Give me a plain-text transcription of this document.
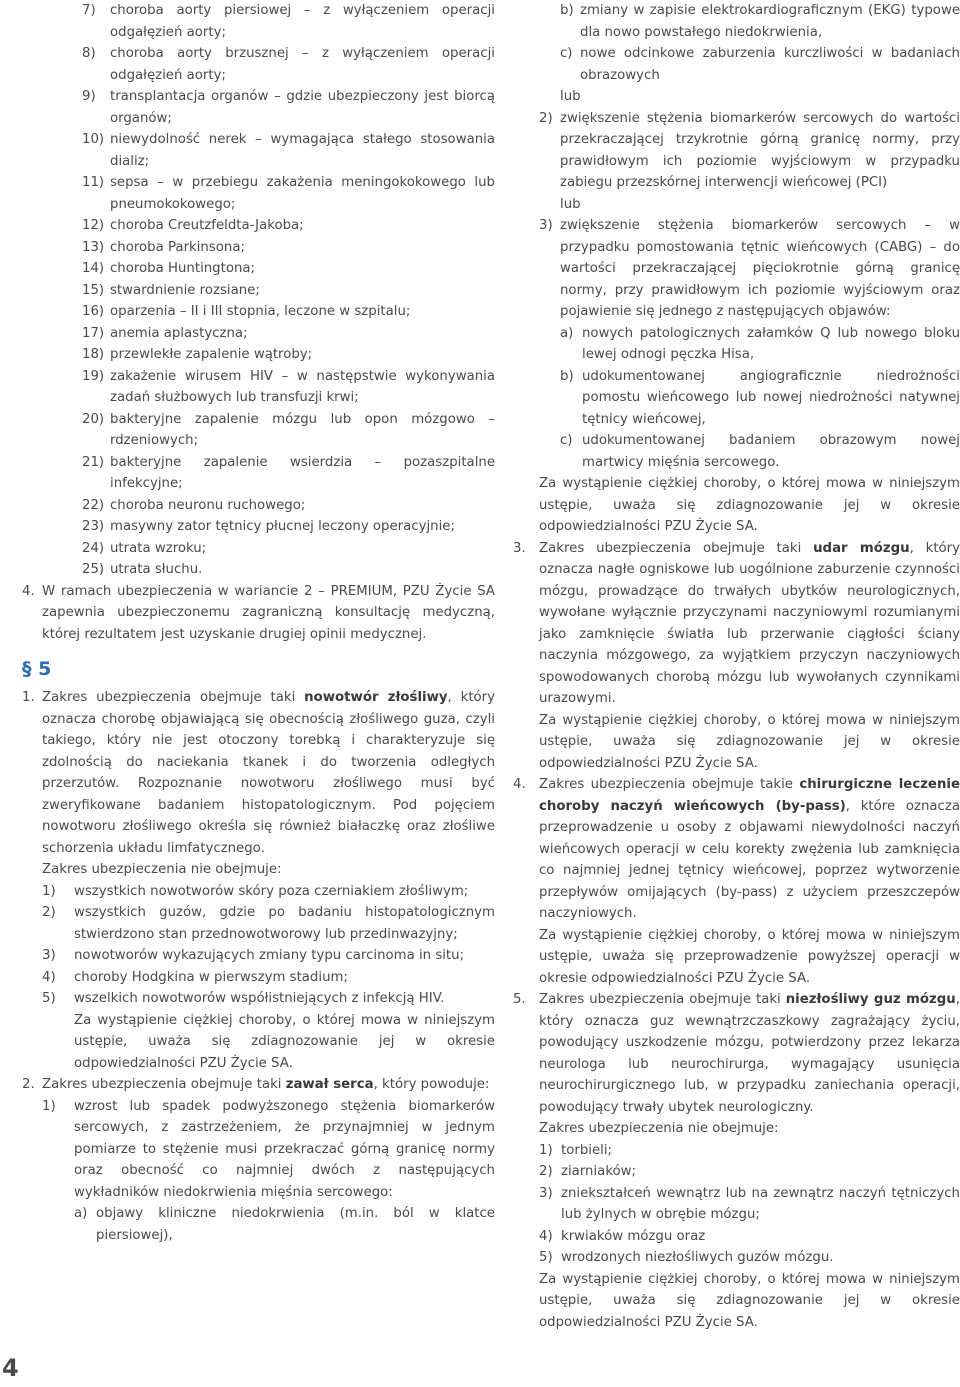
7)	choroba aorty piersiowej – z wyłączeniem operacji odgałęzień aorty;
8)	choroba aorty brzusznej – z wyłączeniem operacji odgałęzień aorty;
9)	transplantacja organów – gdzie ubezpieczony jest biorcą organów;
10) niewydolność nerek – wymagająca stałego stosowania dializ;
11) sepsa – w przebiegu zakażenia meningokokowego lub pneumokokowego;
12) choroba Creutzfeldta-Jakoba;
13) choroba Parkinsona;
14) choroba Huntingtona;
15) stwardnienie rozsiane;
16) oparzenia – II i III stopnia, leczone w szpitalu;
17) anemia aplastyczna;
18) przewlekłe zapalenie wątroby;
19) zakażenie wirusem HIV – w następstwie wykonywania zadań służbowych lub transfuzji krwi;
20) bakteryjne zapalenie mózgu lub opon mózgowo – rdzeniowych;
21) bakteryjne zapalenie wsierdzia – pozaszpitalne infekcyjne;
22) choroba neuronu ruchowego;
23) masywny zator tętnicy płucnej leczony operacyjnie;
24) utrata wzroku;
25) utrata słuchu.
4. W ramach ubezpieczenia w wariancie 2 – PREMIUM, PZU Życie SA zapewnia ubezpieczonemu zagraniczną konsultację medyczną, której rezultatem jest uzyskanie drugiej opinii medycznej.
§ 5
1. Zakres ubezpieczenia obejmuje taki nowotwór złośliwy, który oznacza chorobę objawiającą się obecnością złośliwego guza, czyli takiego, który nie jest otoczony torebką i charakteryzuje się zdolnością do naciekania tkanek i do tworzenia odległych przerzutów. Rozpoznanie nowotworu złośliwego musi być zweryfikowane badaniem histopatologicznym. Pod pojęciem nowotworu złośliwego określa się również białaczkę oraz złośliwe schorzenia układu limfatycznego.
Zakres ubezpieczenia nie obejmuje:
1)	wszystkich nowotworów skóry poza czerniakiem złośliwym;
2)	wszystkich guzów, gdzie po badaniu histopatologicznym stwierdzono stan przednowotworowy lub przedinwazyjny;
3)	nowotworów wykazujących zmiany typu carcinoma in situ;
4)	choroby Hodgkina w pierwszym stadium;
5)	wszelkich nowotworów współistniejących z infekcją HIV.
Za wystąpienie ciężkiej choroby, o której mowa w niniejszym ustępie, uważa się zdiagnozowanie jej w okresie odpowiedzialności PZU Życie SA.
2. Zakres ubezpieczenia obejmuje taki zawał serca, który powoduje:
1)	wzrost lub spadek podwyższonego stężenia biomarkerów sercowych, z zastrzeżeniem, że przynajmniej w jednym pomiarze to stężenie musi przekraczać górną granicę normy oraz obecność co najmniej dwóch z następujących wykładników niedokrwienia mięśnia sercowego:
a) objawy kliniczne niedokrwienia (m.in. ból w klatce piersiowej),
b) zmiany w zapisie elektrokardiograficznym (EKG) typowe dla nowo powstałego niedokrwienia,
c) nowe odcinkowe zaburzenia kurczliwości w badaniach obrazowych
lub
2) zwiększenie stężenia biomarkerów sercowych do wartości przekraczającej trzykrotnie górną granicę normy, przy prawidłowym ich poziomie wyjściowym w przypadku zabiegu przezskórnej interwencji wieńcowej (PCI)
lub
3) zwiększenie stężenia biomarkerów sercowych – w przypadku pomostowania tętnic wieńcowych (CABG) – do wartości przekraczającej pięciokrotnie górną granicę normy, przy prawidłowym ich poziomie wyjściowym oraz pojawienie się jednego z następujących objawów:
a) nowych patologicznych załamków Q lub nowego bloku lewej odnogi pęczka Hisa,
b) udokumentowanej angiograficznie niedrożności pomostu wieńcowego lub nowej niedrożności natywnej tętnicy wieńcowej,
c) udokumentowanej badaniem obrazowym nowej martwicy mięśnia sercowego.
Za wystąpienie ciężkiej choroby, o której mowa w niniejszym ustępie, uważa się zdiagnozowanie jej w okresie odpowiedzialności PZU Życie SA.
3.	Zakres ubezpieczenia obejmuje taki udar mózgu, który oznacza nagłe ogniskowe lub uogólnione zaburzenie czynności mózgu, prowadzące do trwałych ubytków neurologicznych, wywołane wyłącznie przyczynami naczyniowymi rozumianymi jako zamknięcie światła lub przerwanie ciągłości ściany naczynia mózgowego, za wyjątkiem przyczyn naczyniowych spowodowanych chorobą mózgu lub wywołanych czynnikami urazowymi.
Za wystąpienie ciężkiej choroby, o której mowa w niniejszym ustępie, uważa się zdiagnozowanie jej w okresie odpowiedzialności PZU Życie SA.
4.	Zakres ubezpieczenia obejmuje takie chirurgiczne leczenie choroby naczyń wieńcowych (by-pass), które oznacza przeprowadzenie u osoby z objawami niewydolności naczyń wieńcowych operacji w celu korekty zwężenia lub zamknięcia co najmniej jednej tętnicy wieńcowej, poprzez wytworzenie przepływów omijających (by-pass) z użyciem przeszczepów naczyniowych.
Za wystąpienie ciężkiej choroby, o której mowa w niniejszym ustępie, uważa się przeprowadzenie powyższej operacji w okresie odpowiedzialności PZU Życie SA.
5.	Zakres ubezpieczenia obejmuje taki niezłośliwy guz mózgu, który oznacza guz wewnątrzczaszkowy zagrażający życiu, powodujący uszkodzenie mózgu, potwierdzony przez lekarza neurologa lub neurochirurga, wymagający usunięcia neurochirurgicznego lub, w przypadku zaniechania operacji, powodujący trwały ubytek neurologiczny.
Zakres ubezpieczenia nie obejmuje:
1) torbieli;
2) ziarniaków;
3) zniekształceń wewnątrz lub na zewnątrz naczyń tętniczych lub żylnych w obrębie mózgu;
4) krwiaków mózgu oraz
5) wrodzonych niezłośliwych guzów mózgu.
Za wystąpienie ciężkiej choroby, o której mowa w niniejszym ustępie, uważa się zdiagnozowanie jej w okresie odpowiedzialności PZU Życie SA.
4
